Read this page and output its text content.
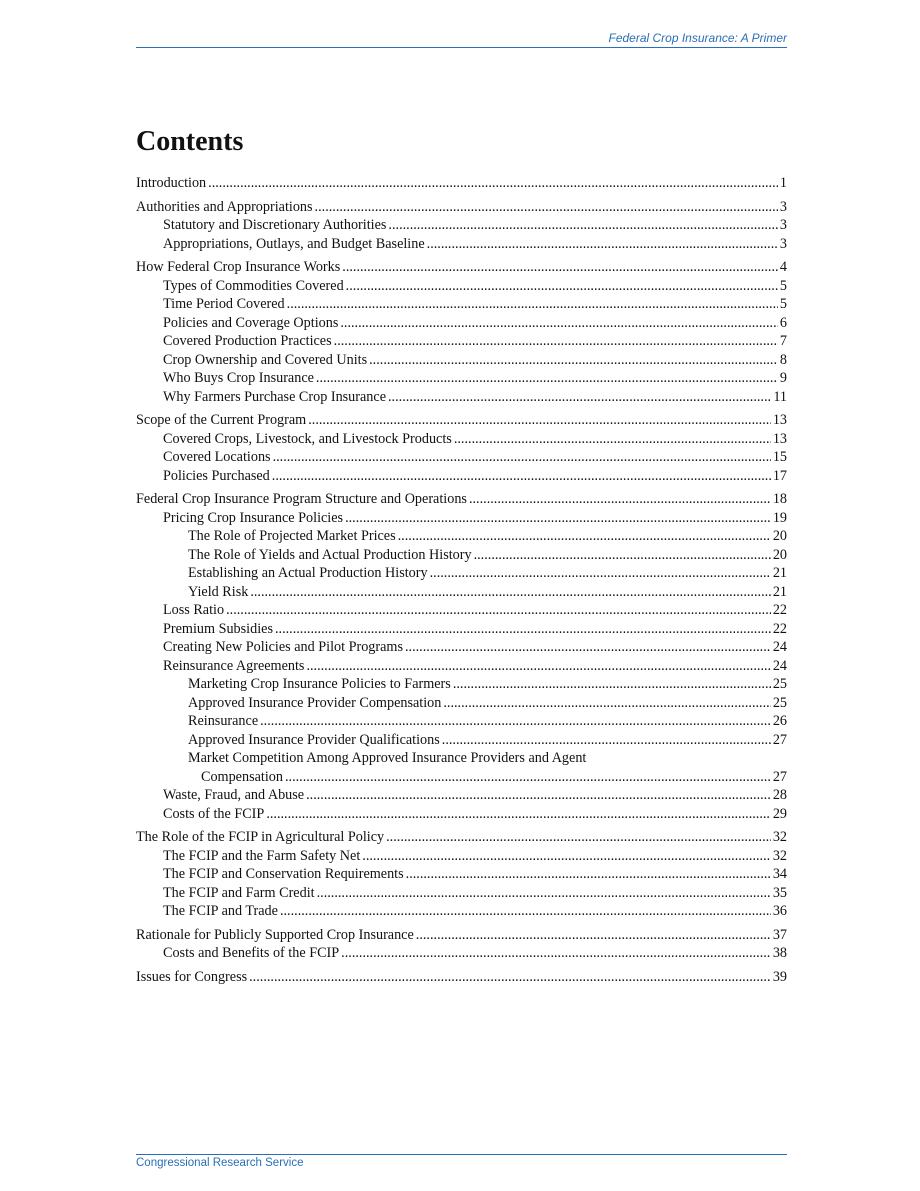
Federal Crop Insurance: A Primer
Contents
Introduction .....	1
Authorities and Appropriations .....	3
Statutory and Discretionary Authorities .....	3
Appropriations, Outlays, and Budget Baseline .....	3
How Federal Crop Insurance Works .....	4
Types of Commodities Covered .....	5
Time Period Covered .....	5
Policies and Coverage Options .....	6
Covered Production Practices .....	7
Crop Ownership and Covered Units .....	8
Who Buys Crop Insurance .....	9
Why Farmers Purchase Crop Insurance .....	11
Scope of the Current Program .....	13
Covered Crops, Livestock, and Livestock Products .....	13
Covered Locations .....	15
Policies Purchased .....	17
Federal Crop Insurance Program Structure and Operations .....	18
Pricing Crop Insurance Policies .....	19
The Role of Projected Market Prices .....	20
The Role of Yields and Actual Production History .....	20
Establishing an Actual Production History .....	21
Yield Risk .....	21
Loss Ratio .....	22
Premium Subsidies .....	22
Creating New Policies and Pilot Programs .....	24
Reinsurance Agreements .....	24
Marketing Crop Insurance Policies to Farmers .....	25
Approved Insurance Provider Compensation .....	25
Reinsurance .....	26
Approved Insurance Provider Qualifications .....	27
Market Competition Among Approved Insurance Providers and Agent
Compensation .....	27
Waste, Fraud, and Abuse .....	28
Costs of the FCIP .....	29
The Role of the FCIP in Agricultural Policy .....	32
The FCIP and the Farm Safety Net .....	32
The FCIP and Conservation Requirements .....	34
The FCIP and Farm Credit .....	35
The FCIP and Trade .....	36
Rationale for Publicly Supported Crop Insurance .....	37
Costs and Benefits of the FCIP .....	38
Issues for Congress .....	39
Congressional Research Service
